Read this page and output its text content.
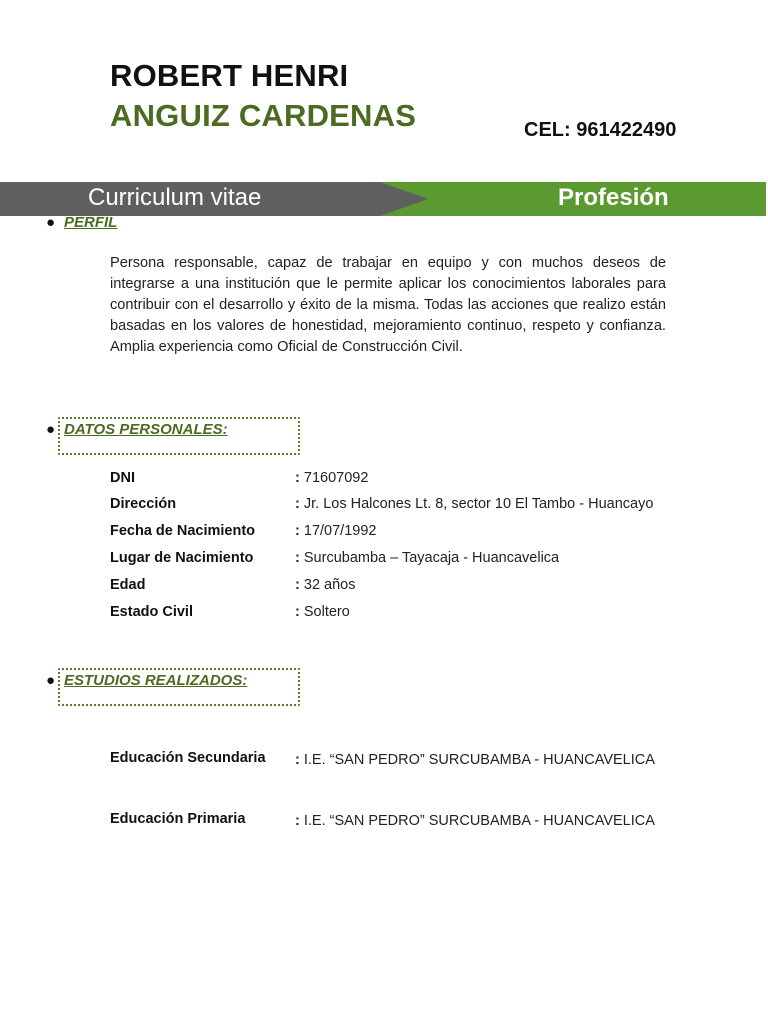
ROBERT HENRI
ANGUIZ CARDENAS	CEL: 961422490
Curriculum vitae	Profesión
● PERFIL
Persona responsable, capaz de trabajar en equipo y con muchos deseos de integrarse a una institución que le permite aplicar los conocimientos laborales para contribuir con el desarrollo y éxito de la misma. Todas las acciones que realizo están basadas en los valores de honestidad, mejoramiento continuo, respeto y confianza. Amplia experiencia como Oficial de Construcción Civil.
● DATOS PERSONALES:
DNI	: 71607092
Dirección	: Jr. Los Halcones Lt. 8, sector 10 El Tambo - Huancayo
Fecha de Nacimiento	: 17/07/1992
Lugar de Nacimiento	: Surcubamba – Tayacaja - Huancavelica
Edad	: 32 años
Estado Civil	: Soltero
● ESTUDIOS REALIZADOS:
Educación Secundaria : I.E. “SAN PEDRO” SURCUBAMBA - HUANCAVELICA
Educación Primaria	: I.E. “SAN PEDRO” SURCUBAMBA - HUANCAVELICA
